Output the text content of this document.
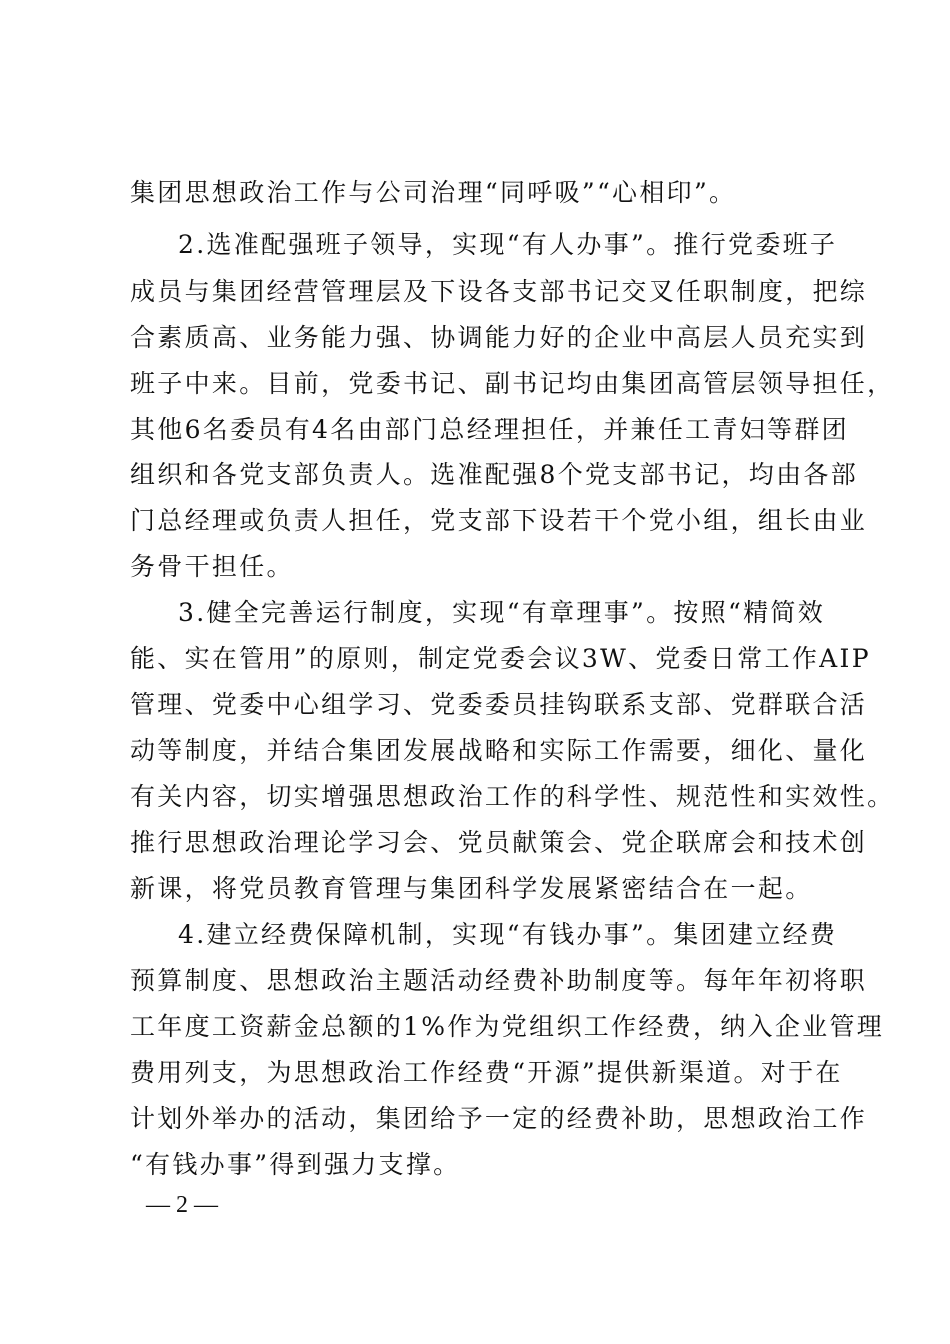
集团思想政治工作与公司治理“同呼吸”“心相印”。
2.选准配强班子领导，实现“有人办事”。推行党委班子
成员与集团经营管理层及下设各支部书记交叉任职制度，把综
合素质高、业务能力强、协调能力好的企业中高层人员充实到
班子中来。目前，党委书记、副书记均由集团高管层领导担任，
其他6名委员有4名由部门总经理担任，并兼任工青妇等群团
组织和各党支部负责人。选准配强8个党支部书记，均由各部
门总经理或负责人担任，党支部下设若干个党小组，组长由业
务骨干担任。
3.健全完善运行制度，实现“有章理事”。按照“精简效
能、实在管用”的原则，制定党委会议3W、党委日常工作AIP
管理、党委中心组学习、党委委员挂钩联系支部、党群联合活
动等制度，并结合集团发展战略和实际工作需要，细化、量化
有关内容，切实增强思想政治工作的科学性、规范性和实效性。
推行思想政治理论学习会、党员献策会、党企联席会和技术创
新课，将党员教育管理与集团科学发展紧密结合在一起。
4.建立经费保障机制，实现“有钱办事”。集团建立经费
预算制度、思想政治主题活动经费补助制度等。每年年初将职
工年度工资薪金总额的1%作为党组织工作经费，纳入企业管理
费用列支，为思想政治工作经费“开源”提供新渠道。对于在
计划外举办的活动，集团给予一定的经费补助，思想政治工作
“有钱办事”得到强力支撑。
— 2 —
